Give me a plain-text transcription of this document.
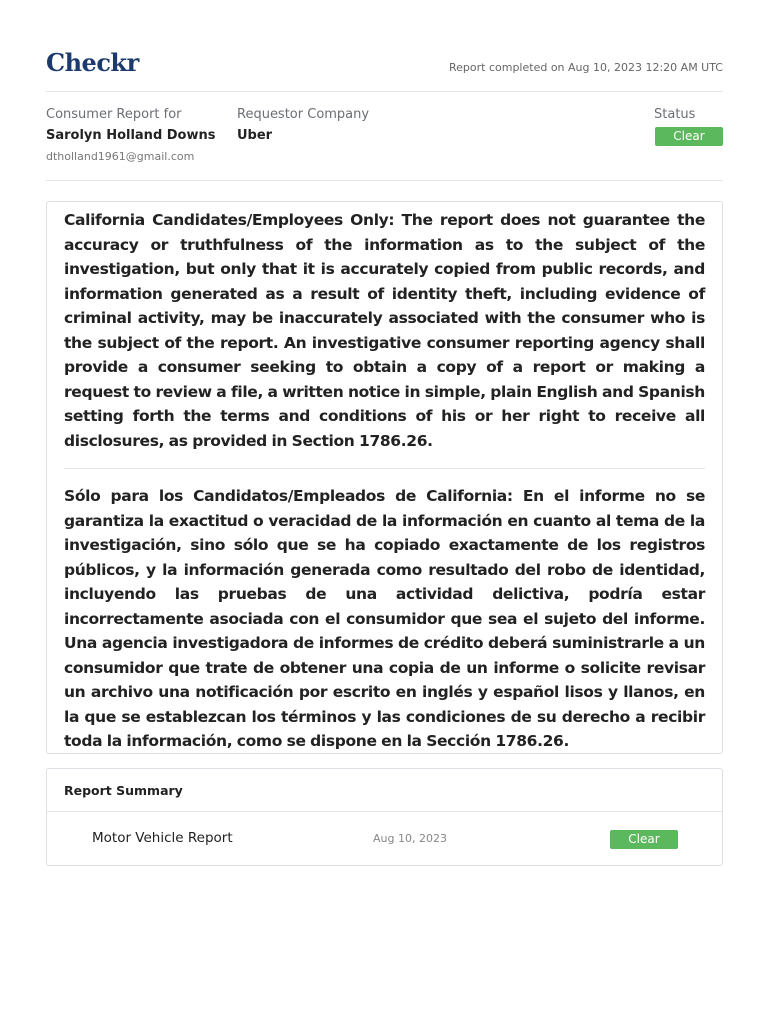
Checkr	Report completed on Aug 10, 2023 12:20 AM UTC
Consumer Report for
Sarolyn Holland Downs
dtholland1961@gmail.com
Requestor Company
Uber
Status
Clear

California Candidates/Employees Only: The report does not guarantee the accuracy or truthfulness of the information as to the subject of the investigation, but only that it is accurately copied from public records, and information generated as a result of identity theft, including evidence of criminal activity, may be inaccurately associated with the consumer who is the subject of the report. An investigative consumer reporting agency shall provide a consumer seeking to obtain a copy of a report or making a request to review a file, a written notice in simple, plain English and Spanish setting forth the terms and conditions of his or her right to receive all disclosures, as provided in Section 1786.26.

Sólo para los Candidatos/Empleados de California: En el informe no se garantiza la exactitud o veracidad de la información en cuanto al tema de la investigación, sino sólo que se ha copiado exactamente de los registros públicos, y la información generada como resultado del robo de identidad, incluyendo las pruebas de una actividad delictiva, podría estar incorrectamente asociada con el consumidor que sea el sujeto del informe. Una agencia investigadora de informes de crédito deberá suministrarle a un consumidor que trate de obtener una copia de un informe o solicite revisar un archivo una notificación por escrito en inglés y español lisos y llanos, en la que se establezcan los términos y las condiciones de su derecho a recibir toda la información, como se dispone en la Sección 1786.26.

Report Summary
Motor Vehicle Report	Aug 10, 2023	Clear
